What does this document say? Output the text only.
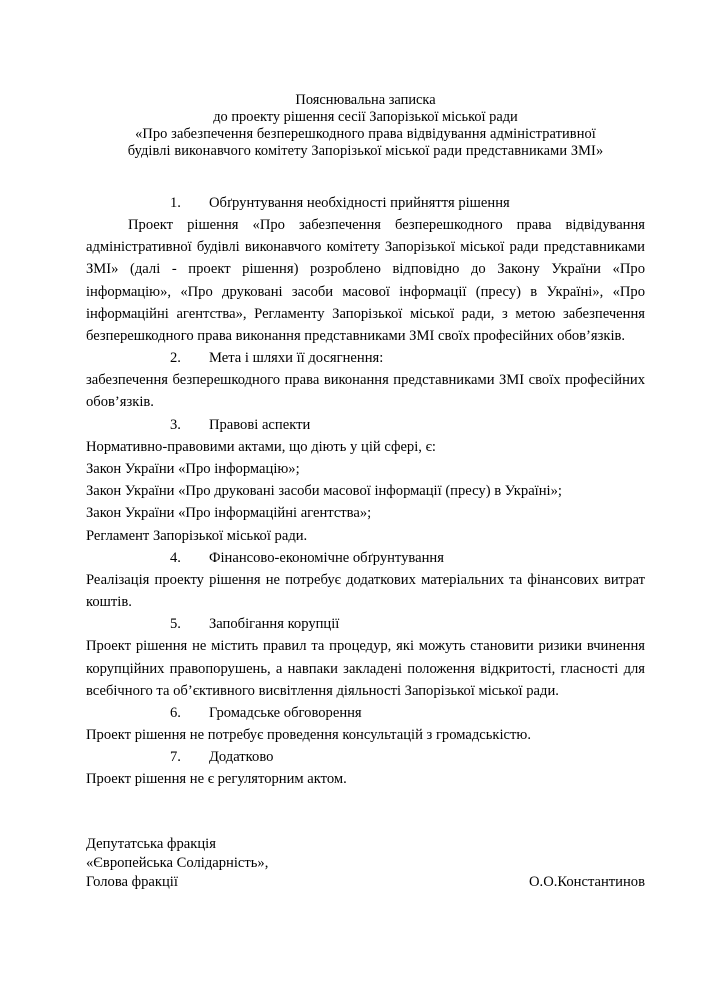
Пояснювальна записка
до проекту рішення сесії Запорізької міської ради
«Про забезпечення безперешкодного права відвідування адміністративної
будівлі виконавчого комітету Запорізької міської ради представниками ЗМІ»

1. Обґрунтування необхідності прийняття рішення

Проект рішення «Про забезпечення безперешкодного права відвідування адміністративної будівлі виконавчого комітету Запорізької міської ради представниками ЗМІ» (далі - проект рішення) розроблено відповідно до Закону України «Про інформацію», «Про друковані засоби масової інформації (пресу) в Україні», «Про інформаційні агентства», Регламенту Запорізької міської ради, з метою забезпечення безперешкодного права виконання представниками ЗМІ своїх професійних обов’язків.

2. Мета і шляхи її досягнення:

забезпечення безперешкодного права виконання представниками ЗМІ своїх професійних обов’язків.

3. Правові аспекти

Нормативно-правовими актами, що діють у цій сфері, є:

Закон України «Про інформацію»;

Закон України «Про друковані засоби масової інформації (пресу) в Україні»;

Закон України «Про інформаційні агентства»;

Регламент Запорізької міської ради.

4. Фінансово-економічне обґрунтування

Реалізація проекту рішення не потребує додаткових матеріальних та фінансових витрат коштів.

5. Запобігання корупції

Проект рішення не містить правил та процедур, які можуть становити ризики вчинення корупційних правопорушень, а навпаки закладені положення відкритості, гласності для всебічного та об’єктивного висвітлення діяльності Запорізької міської ради.

6. Громадське обговорення

Проект рішення не потребує проведення консультацій з громадськістю.

7. Додатково

Проект рішення не є регуляторним актом.

Депутатська фракція
«Європейська Солідарність»,
Голова фракції	О.О.Константинов
